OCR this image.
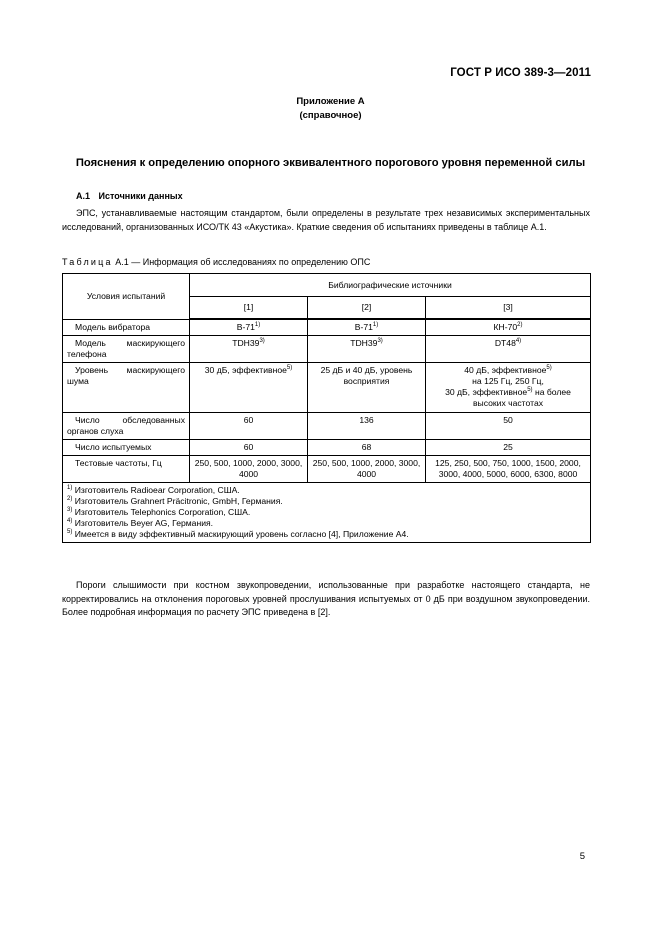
ГОСТ Р ИСО 389-3—2011
Приложение А
(справочное)
Пояснения к определению опорного эквивалентного порогового уровня переменной силы
А.1 Источники данных
ЭПС, устанавливаемые настоящим стандартом, были определены в результате трех независимых экспериментальных исследований, организованных ИСО/ТК 43 «Акустика». Краткие сведения об испытаниях приведены в таблице А.1.
Таблица А.1 — Информация об исследованиях по определению ОПС
Условия испытаний	Библиографические источники		
	[1]	[2]	[3]
Модель вибратора	В-71$^{1)}$	В-71$^{1)}$	КН-70$^{2)}$
Модель маскирующего телефона	TDH39$^{3)}$	TDH39$^{3)}$	DT48$^{4)}$
Уровень маскирующего шума	30 дБ, эффективное$^{5)}$	25 дБ и 40 дБ, уровень восприятия	40 дБ, эффективное$^{5)}$
на 125 Гц, 250 Гц,
30 дБ, эффективное$^{5)}$ на более высоких частотах
Число обследованных органов слуха	60	136	50
Число испытуемых	60	68	25
Тестовые частоты, Гц	250, 500, 1000, 2000, 3000, 4000	250, 500, 1000, 2000, 3000, 4000	125, 250, 500, 750, 1000, 1500, 2000, 3000, 4000, 5000, 6000, 6300, 8000

$^{1)}$ Изготовитель Radioear Corporation, США.
$^{2)}$ Изготовитель Grahnert Präcitronic, GmbH, Германия.
$^{3)}$ Изготовитель Telephonics Corporation, США.
$^{4)}$ Изготовитель Beyer AG, Германия.
$^{5)}$ Имеется в виду эффективный маскирующий уровень согласно [4], Приложение А4.			
Пороги слышимости при костном звукопроведении, использованные при разработке настоящего стандарта, не корректировались на отклонения пороговых уровней прослушивания испытуемых от 0 дБ при воздушном звукопроведении. Более подробная информация по расчету ЭПС приведена в [2].
5
